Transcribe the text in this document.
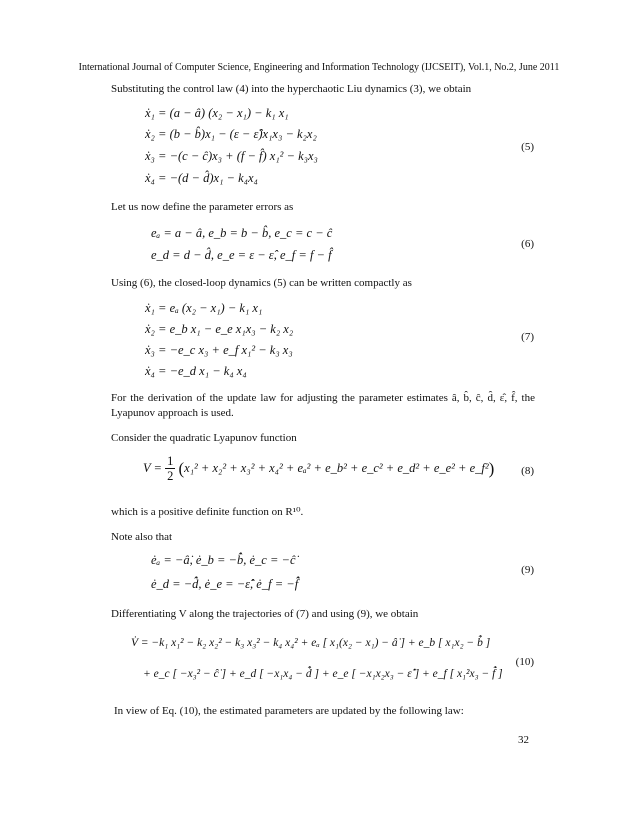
International Journal of Computer Science, Engineering and Information Technology (IJCSEIT), Vol.1, No.2, June 2011
Substituting the control law (4) into the hyperchaotic Liu dynamics (3), we obtain
ẋ₁ = (a − â) (x₂ − x₁) − k₁ x₁
ẋ₂ = (b − b̂)x₁ − (ε − ε̂)x₁x₃ − k₂x₂
ẋ₃ = −(c − ĉ)x₃ + (f − f̂) x₁² − k₃x₃
ẋ₄ = −(d − d̂)x₁ − k₄x₄
(5)
Let us now define the parameter errors as
eₐ = a − â, e_b = b − b̂, e_c = c − ĉ
e_d = d − d̂, e_e = ε − ε̂, e_f = f − f̂
(6)
Using (6), the closed-loop dynamics (5) can be written compactly as
ẋ₁ = eₐ (x₂ − x₁) − k₁ x₁
ẋ₂ = e_b x₁ − e_e x₁x₃ − k₂ x₂
ẋ₃ = −e_c x₃ + e_f x₁² − k₃ x₃
ẋ₄ = −e_d x₁ − k₄ x₄
(7)
For the derivation of the update law for adjusting the parameter estimates â, b̂, ĉ, d̂, ε̂, f̂, the Lyapunov approach is used.
Consider the quadratic Lyapunov function
$V = \frac{1}{2} (x_1^2 + x_2^2 + x_3^2 + x_4^2 + e_a^2$ + e_b² + e_c² + e_d² + e_e² + e_f²) (8)
which is a positive definite function on R¹⁰.
Note also that
ėₐ = −â̇, ė_b = −b̂̇, ė_c = −ĉ̇
ė_d = −d̂̇, ė_e = −ε̂̇, ė_f = −f̂̇
(9)
Differentiating V along the trajectories of (7) and using (9), we obtain
V̇ = −k₁ x₁² − k₂ x₂² − k₃ x₃² − k₄ x₄² + eₐ [ x₁(x₂ − x₁) − â̇ ] + e_b [ x₁x₂ − b̂̇ ]
+ e_c [ −x₃² − ĉ̇ ] + e_d [ −x₁x₄ − d̂̇ ] + e_e [ −x₁x₂x₃ − ε̂̇ ] + e_f [ x₁²x₃ − f̂̇ ]
(10)
In view of Eq. (10), the estimated parameters are updated by the following law:
32
